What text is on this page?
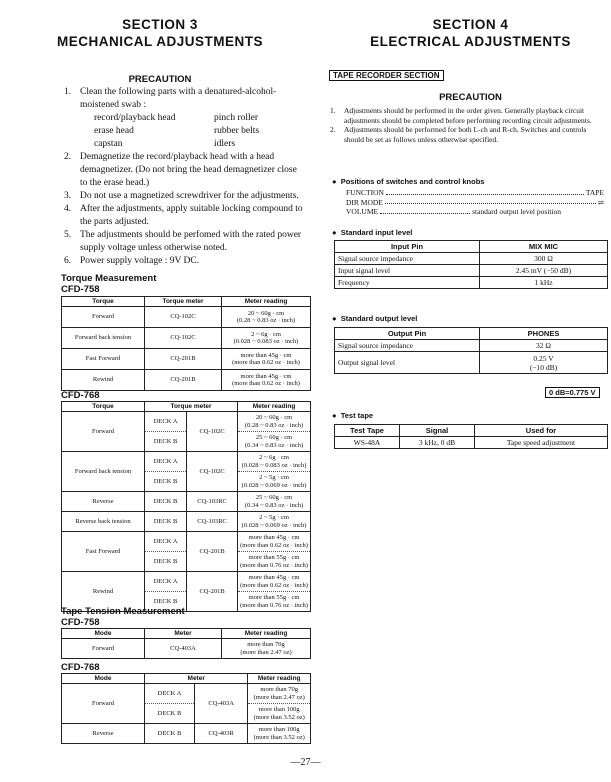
SECTION 3
MECHANICAL ADJUSTMENTS
PRECAUTION
1. Clean the following parts with a denatured-alcohol-moistened swab :
record/playback head	pinch roller
erase head	rubber belts
capstan	idlers
2. Demagnetize the record/playback head with a head demagnetizer. (Do not bring the head demagnetizer close to the erase head.)
3. Do not use a magnetized screwdriver for the adjustments.
4. After the adjustments, apply suitable locking compound to the parts adjusted.
5. The adjustments should be perfomed with the rated power supply voltage unless otherwise noted.
6. Power supply voltage : 9V DC.
Torque Measurement
CFD-758
Torque	Torque meter	Meter reading
Forward	CQ-102C	20 ~ 60g · cm
(0.28 ~ 0.83 oz · inch)

Forward back tension	CQ-102C	2 ~ 6g · cm
(0.028 ~ 0.083 oz · inch)

Fast Forward	CQ-201B	more than 45g · cm
(more than 0.62 oz · inch)

Rewind	CQ-201B	more than 45g · cm
(more than 0.62 oz · inch)
CFD-768
Torque	Torque meter		Meter reading
Forward	DECK A	CQ-102C	20 ~ 60g · cm
(0.28 ~ 0.83 oz · inch)

	DECK B		25 ~ 60g · cm
(0.34 ~ 0.83 oz · inch)

Forward back tension	DECK A	CQ-102C	2 ~ 6g · cm
(0.028 ~ 0.083 oz · inch)

	DECK B		2 ~ 5g · cm
(0.028 ~ 0.069 oz · inch)

Reverse	DECK B	CQ-103RC	25 ~ 60g · cm
(0.34 ~ 0.83 oz · inch)

Reverse back tension	DECK B	CQ-103RC	2 ~ 5g · cm
(0.028 ~ 0.069 oz · inch)

Fast Forward	DECK A	CQ-201B	more than 45g · cm
(more than 0.62 oz · inch)

	DECK B		more than 55g · cm
(more than 0.76 oz · inch)

Rewind	DECK A	CQ-201B	more than 45g · cm
(more than 0.62 oz · inch)

	DECK B		more than 55g · cm
(more than 0.76 oz · inch)
Tape Tension Measurement
CFD-758
Mode	Meter	Meter reading
Forward	CQ-403A	more than 70g
(more than 2.47 oz)
CFD-768
Mode	Meter		Meter reading
Forward	DECK A	CQ-403A	more than 70g
(more than 2.47 oz)

	DECK B		more than 100g
(more than 3.52 oz)

Reverse	DECK B	CQ-403R	more than 100g
(more than 3.52 oz)
SECTION 4
ELECTRICAL ADJUSTMENTS
TAPE RECORDER SECTION
PRECAUTION
1. Adjustments should be performed in the order given. Generally playback circuit adjustments should be completed before performing recording circuit adjustments.
2. Adjustments should be performed for both L-ch and R-ch. Switches and controls should be set as follows unless otherwise specified.
●  Positions of switches and control knobs
FUNCTION	TAPE
DIR MODE	⇌
VOLUME	standard output level position
●  Standard input level
Input Pin	MIX MIC
Signal source impedance	300 Ω
Input signal level	2.45 mV (−50 dB)
Frequency	1 kHz
●  Standard output level
Output Pin	PHONES
Signal source impedance	32 Ω
Output signal level	0.25 V
(−10 dB)
0 dB=0.775 V
●  Test tape
Test Tape	Signal	Used for
WS-48A	3 kHz, 0 dB	Tape speed adjustment
—27—
